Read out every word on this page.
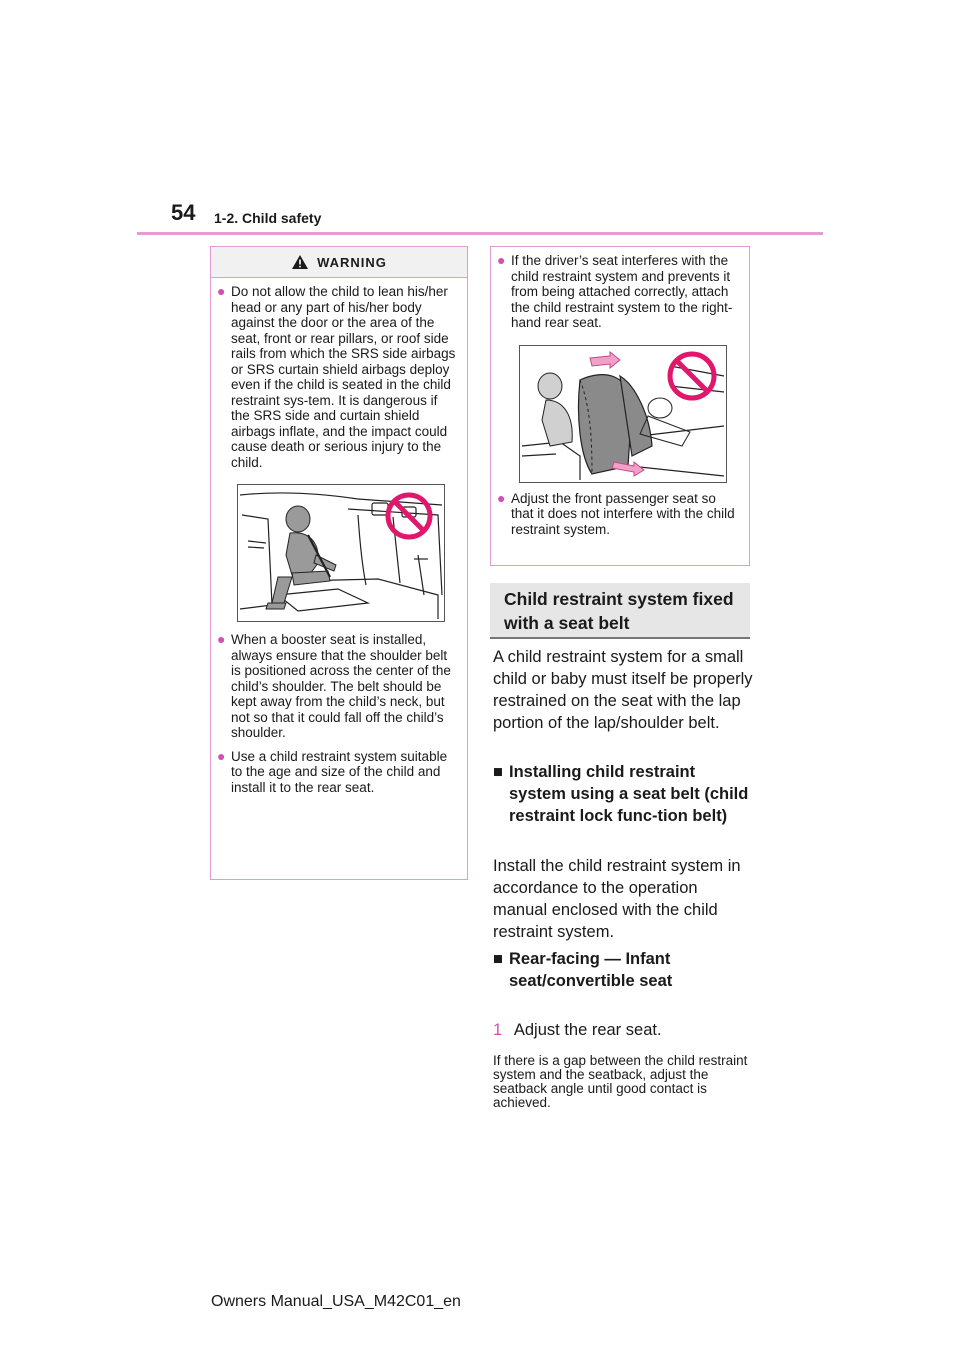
54 1-2. Child safety
WARNING
● Do not allow the child to lean his/her head or any part of his/her body against the door or the area of the seat, front or rear pillars, or roof side rails from which the SRS side airbags or SRS curtain shield airbags deploy even if the child is seated in the child restraint sys-tem. It is dangerous if the SRS side and curtain shield airbags inflate, and the impact could cause death or serious injury to the child.
● When a booster seat is installed, always ensure that the shoulder belt is positioned across the center of the child’s shoulder. The belt should be kept away from the child’s neck, but not so that it could fall off the child’s shoulder.
● Use a child restraint system suitable to the age and size of the child and install it to the rear seat.
● If the driver’s seat interferes with the child restraint system and prevents it from being attached correctly, attach the child restraint system to the right-hand rear seat.
● Adjust the front passenger seat so that it does not interfere with the child restraint system.
Child restraint system fixed with a seat belt
A child restraint system for a small child or baby must itself be properly restrained on the seat with the lap portion of the lap/shoulder belt.
■ Installing child restraint system using a seat belt (child restraint lock func-tion belt)
Install the child restraint system in accordance to the operation manual enclosed with the child restraint system.
■ Rear-facing — Infant seat/convertible seat
1 Adjust the rear seat.
If there is a gap between the child restraint system and the seatback, adjust the seatback angle until good contact is achieved.
Owners Manual_USA_M42C01_en
